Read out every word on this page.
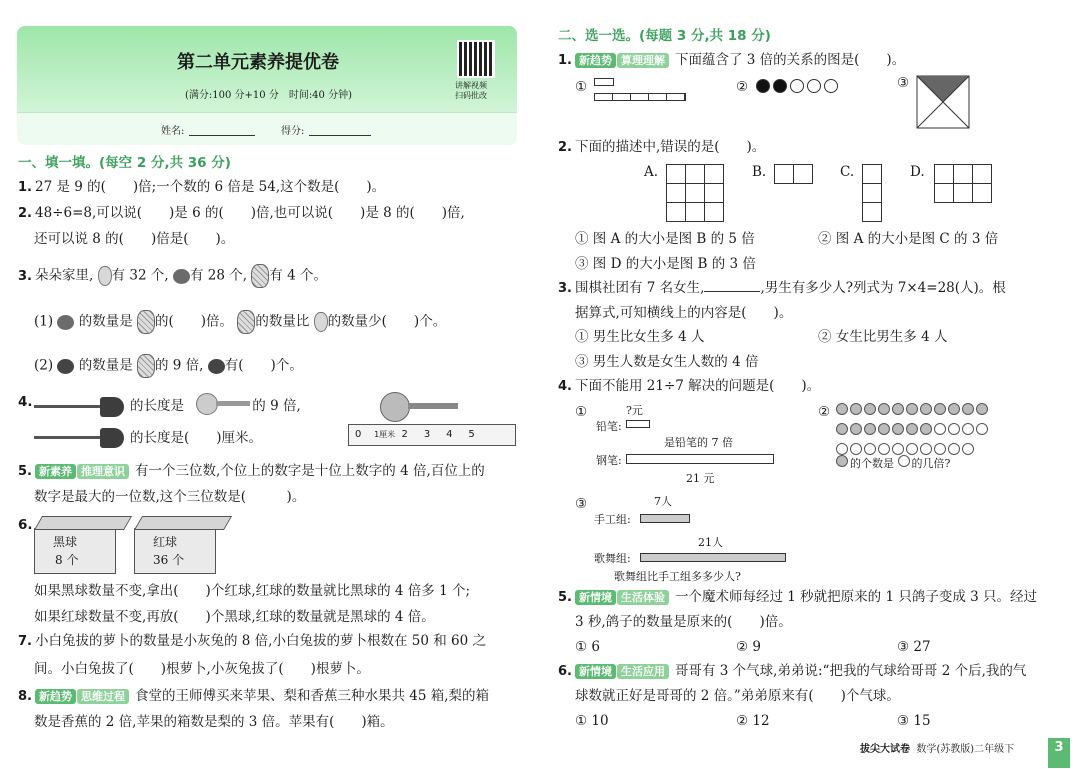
第二单元素养提优卷
(满分:100 分+10 分　时间:40 分钟)
讲解视频
扫码批改
姓名:	得分:
一、填一填。(每空 2 分,共 36 分)
1. 27 是 9 的(　　)倍;一个数的 6 倍是 54,这个数是(　　)。
2. 48÷6=8,可以说(　　)是 6 的(　　)倍,也可以说(　　)是 8 的(　　)倍,
还可以说 8 的(　　)倍是(　　)。
3. 朵朵家里, 有 32 个, 有 28 个, 有 4 个。
(1) 的数量是 的(　　)倍。 的数量比 的数量少(　　)个。
(2) 的数量是 的 9 倍, 有(　　)个。
4.	的长度是	的 9 倍,
的长度是(　　)厘米。	0 1厘米 2 3 4 5
5. 新素养 推理意识 有一个三位数,个位上的数字是十位上数字的 4 倍,百位上的
数字是最大的一位数,这个三位数是(　　　)。
6.
黑球
8 个
红球
36 个
如果黑球数量不变,拿出(　　)个红球,红球的数量就比黑球的 4 倍多 1 个;
如果红球数量不变,再放(　　)个黑球,红球的数量就是黑球的 4 倍。
7. 小白兔拔的萝卜的数量是小灰兔的 8 倍,小白兔拔的萝卜根数在 50 和 60 之
间。小白兔拔了(　　)根萝卜,小灰兔拔了(　　)根萝卜。
8. 新趋势 思维过程 食堂的王师傅买来苹果、梨和香蕉三种水果共 45 箱,梨的箱
数是香蕉的 2 倍,苹果的箱数是梨的 3 倍。苹果有(　　)箱。
二、选一选。(每题 3 分,共 18 分)
1. 新趋势 算理理解 下面蕴含了 3 倍的关系的图是(　　)。
①	②	③
2. 下面的描述中,错误的是(　　)。
A.

			B.
		C.	D.

① 图 A 的大小是图 B 的 5 倍	② 图 A 的大小是图 C 的 3 倍
③ 图 D 的大小是图 B 的 3 倍
3. 围棋社团有 7 名女生,	,男生有多少人?列式为 7×4=28(人)。根
据算式,可知横线上的内容是(　　)。
① 男生比女生多 4 人	② 女生比男生多 4 人
③ 男生人数是女生人数的 4 倍
4. 下面不能用 21÷7 解决的问题是(　　)。
①	?元
铅笔:
是铅笔的 7 倍
钢笔:
21 元
②
的个数是 的几倍?
③	7人
手工组:
21人
歌舞组:
歌舞组比手工组多多少人?
5. 新情境 生活体验 一个魔术师每经过 1 秒就把原来的 1 只鸽子变成 3 只。经过
3 秒,鸽子的数量是原来的(　　)倍。
① 6	② 9	③ 27
6. 新情境 生活应用 哥哥有 3 个气球,弟弟说:“把我的气球给哥哥 2 个后,我的气
球数就正好是哥哥的 2 倍。”弟弟原来有(　　)个气球。
① 10	② 12	③ 15
拔尖大试卷 数学(苏教版)二年级下	3
